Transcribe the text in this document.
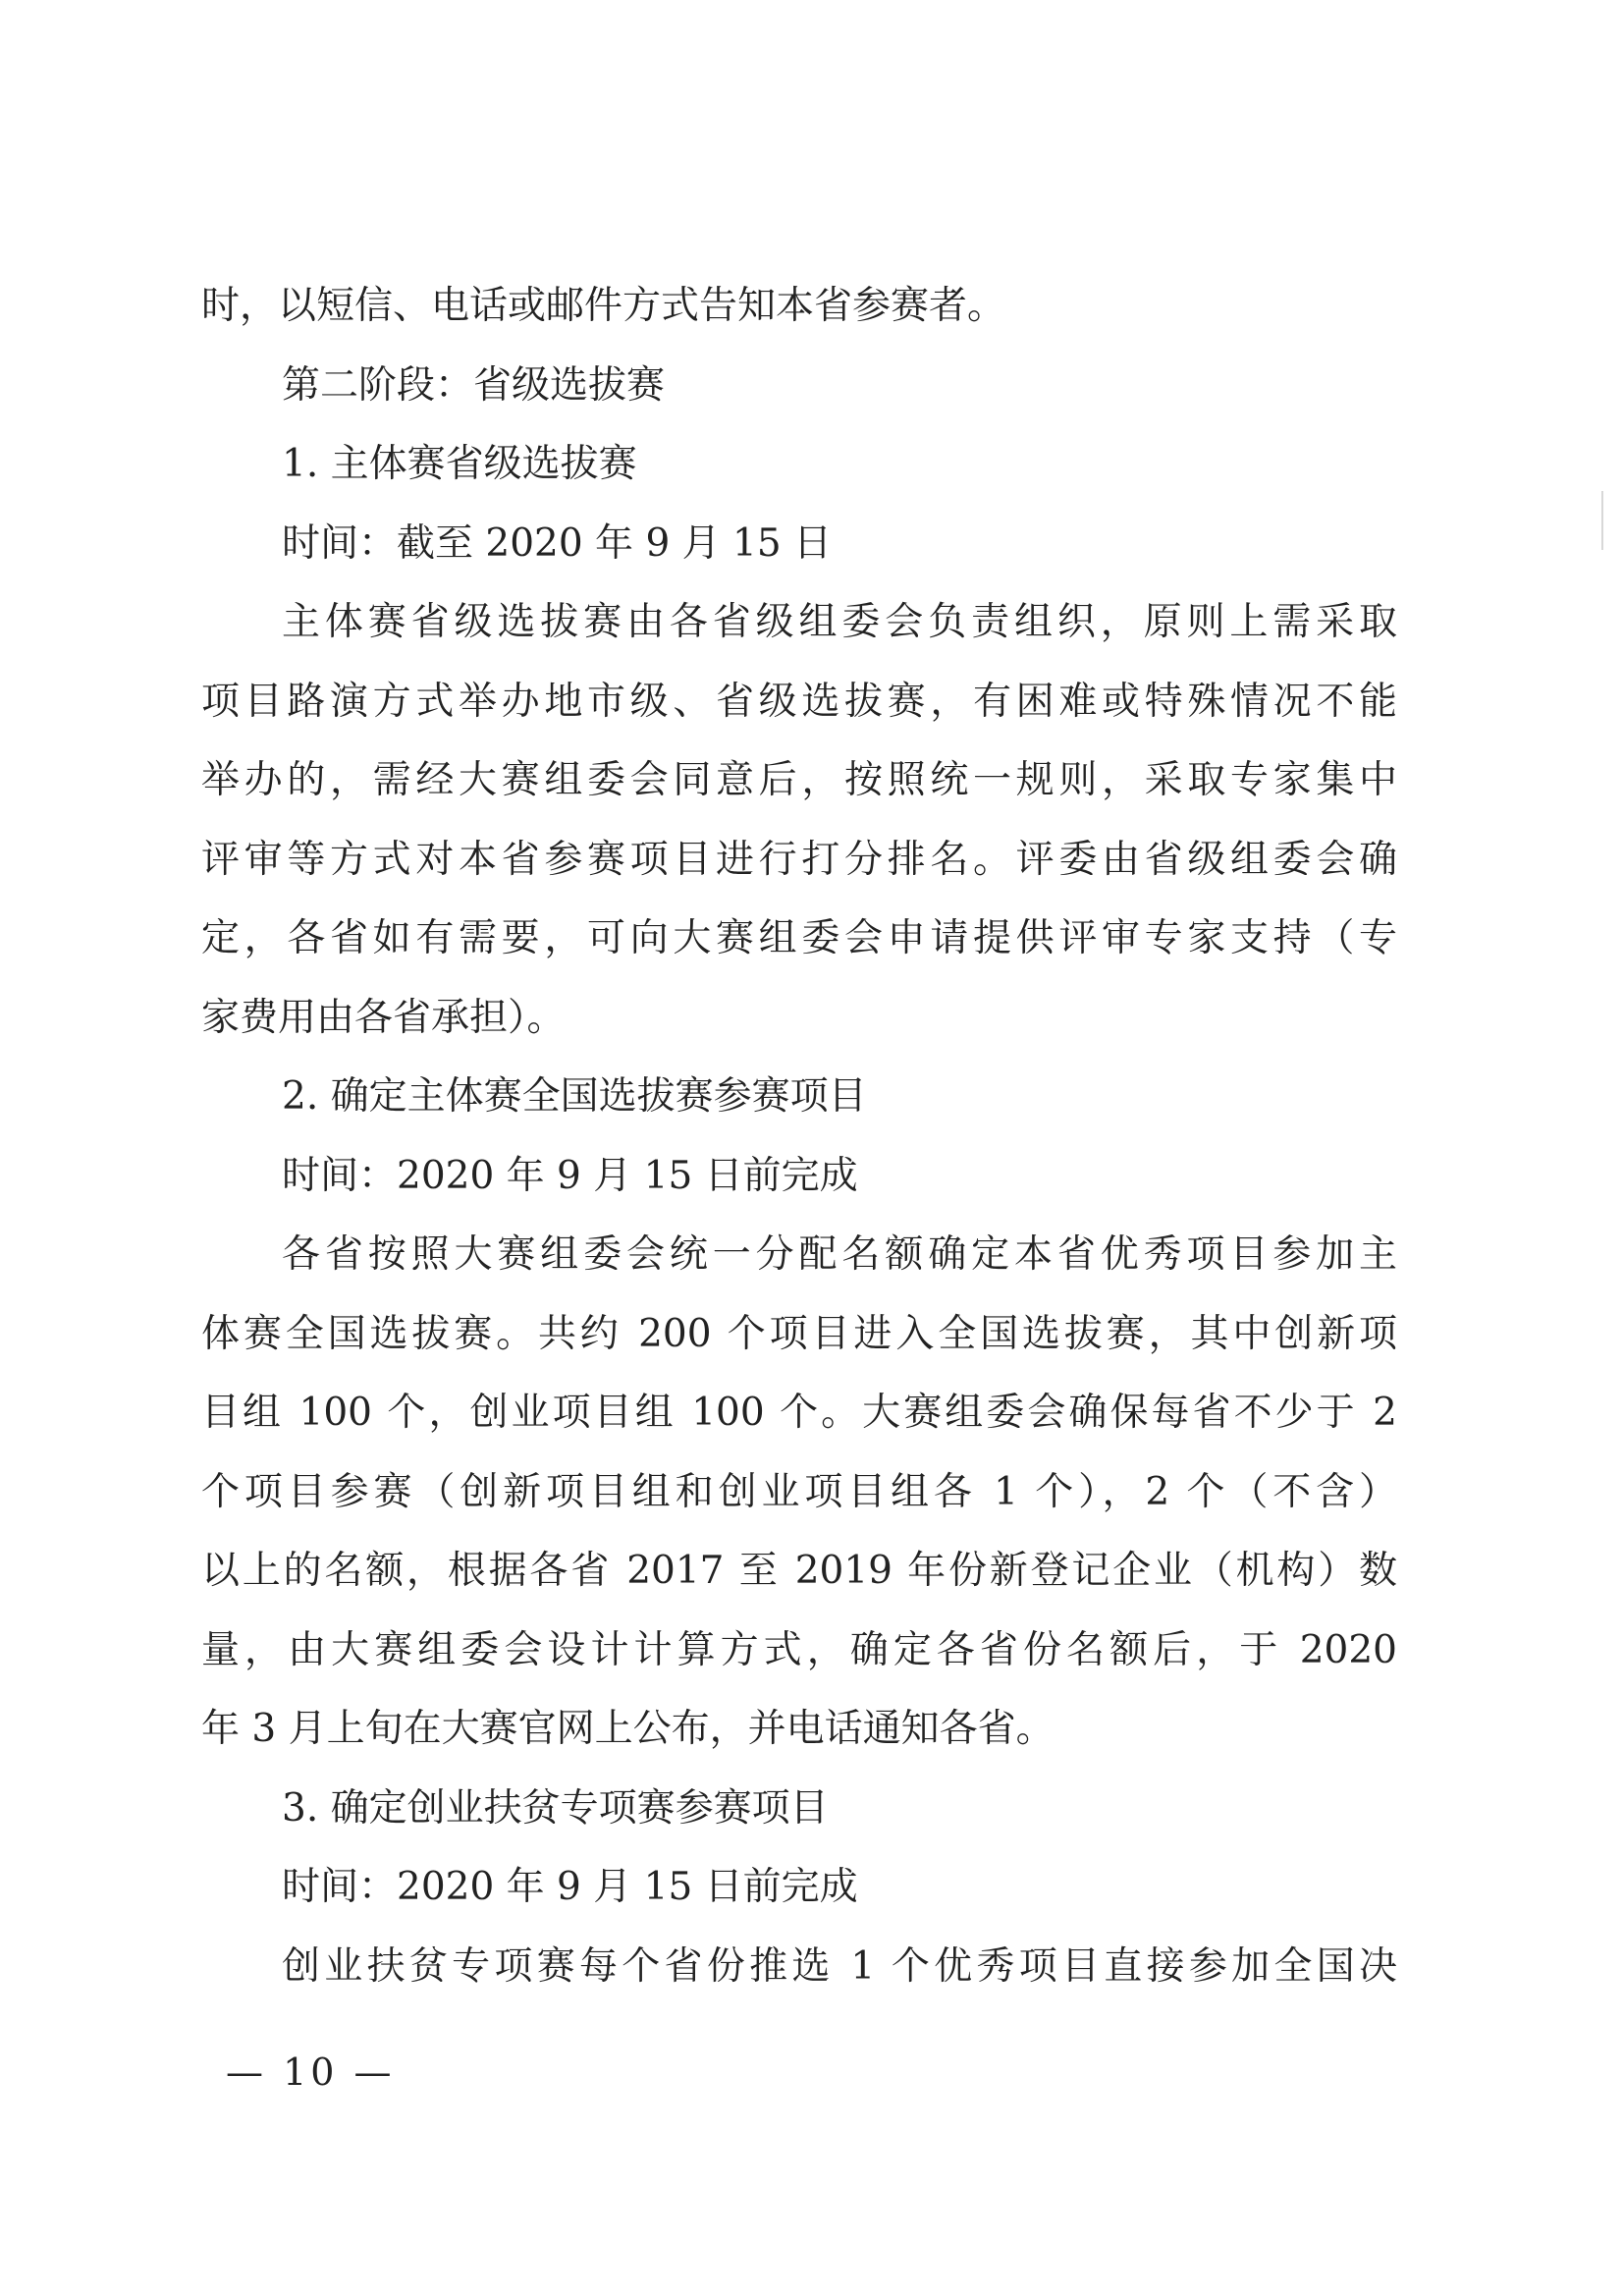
时，以短信、电话或邮件方式告知本省参赛者。
第二阶段：省级选拔赛
1. 主体赛省级选拔赛
时间：截至 2020 年 9 月 15 日
主体赛省级选拔赛由各省级组委会负责组织，原则上需采取
项目路演方式举办地市级、省级选拔赛，有困难或特殊情况不能
举办的，需经大赛组委会同意后，按照统一规则，采取专家集中
评审等方式对本省参赛项目进行打分排名。评委由省级组委会确
定，各省如有需要，可向大赛组委会申请提供评审专家支持（专
家费用由各省承担）。
2. 确定主体赛全国选拔赛参赛项目
时间：2020 年 9 月 15 日前完成
各省按照大赛组委会统一分配名额确定本省优秀项目参加主
体赛全国选拔赛。共约 200 个项目进入全国选拔赛，其中创新项
目组 100 个，创业项目组 100 个。大赛组委会确保每省不少于 2
个项目参赛（创新项目组和创业项目组各 1 个），2 个（不含）
以上的名额，根据各省 2017 至 2019 年份新登记企业（机构）数
量，由大赛组委会设计计算方式，确定各省份名额后，于 2020
年 3 月上旬在大赛官网上公布，并电话通知各省。
3. 确定创业扶贫专项赛参赛项目
时间：2020 年 9 月 15 日前完成
创业扶贫专项赛每个省份推选 1 个优秀项目直接参加全国决
— 10 —
